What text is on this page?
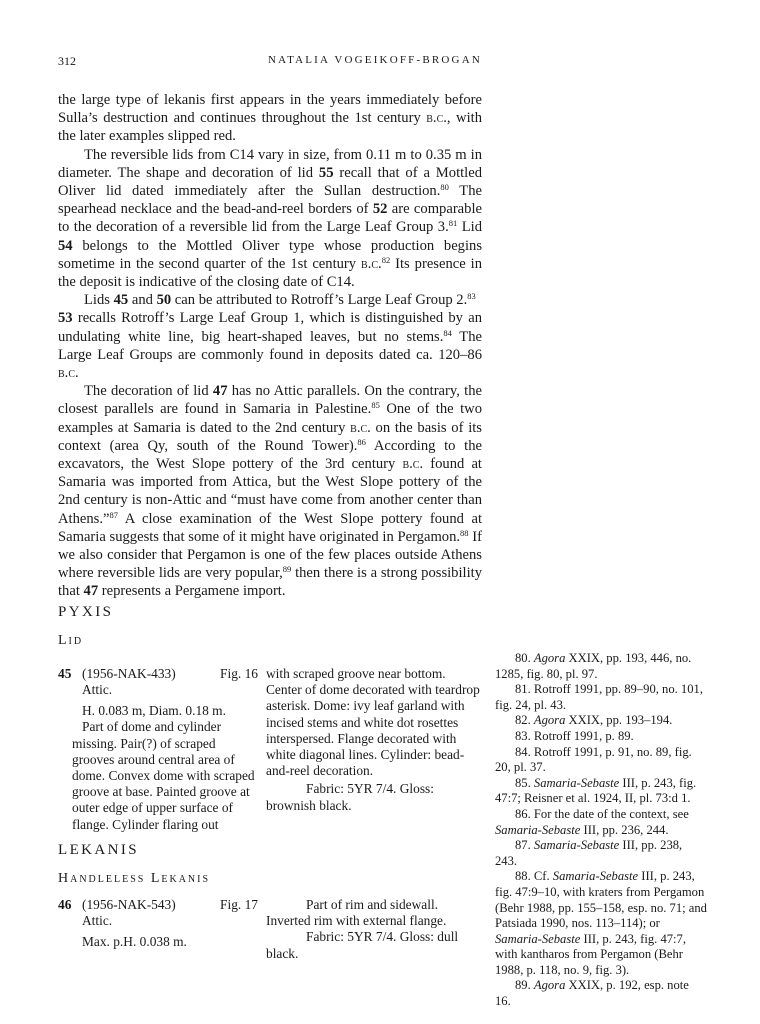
312	NATALIA VOGEIKOFF-BROGAN

the large type of lekanis first appears in the years immediately before Sulla’s destruction and continues throughout the 1st century b.c., with the later examples slipped red.

The reversible lids from C14 vary in size, from 0.11 m to 0.35 m in diameter. The shape and decoration of lid 55 recall that of a Mottled Oliver lid dated immediately after the Sullan destruction.$^{80}$ The spearhead necklace and the bead-and-reel borders of 52 are comparable to the decoration of a reversible lid from the Large Leaf Group 3.81 Lid 54 belongs to the Mottled Oliver type whose production begins sometime in the second quarter of the 1st century b.c.$^{82}$ Its presence in the deposit is indicative of the closing date of C14.

Lids 45 and 50 can be attributed to Rotroff’s Large Leaf Group 2.83
53 recalls Rotroff’s Large Leaf Group 1, which is distinguished by an undulating white line, big heart-shaped leaves, but no stems.$^{84}$ The Large Leaf Groups are commonly found in deposits dated ca. 120–86 b.c.

The decoration of lid 47 has no Attic parallels. On the contrary, the closest parallels are found in Samaria in Palestine.$^{85}$ One of the two examples at Samaria is dated to the 2nd century b.c. on the basis of its context (area Qy, south of the Round Tower).$^{86}$ According to the excavators, the West Slope pottery of the 3rd century b.c. found at Samaria was imported from Attica, but the West Slope pottery of the 2nd century is non-Attic and “must have come from another center than Athens.”$^{87}$ A close examination of the West Slope pottery found at Samaria suggests that some of it might have originated in Pergamon.$^{88}$ If we also consider that Pergamon is one of the few places outside Athens where reversible lids are very popular,$^{89}$ then there is a strong possibility that 47 represents a Pergamene import.

PYXIS
Lid
45 (1956-NAK-433)	Fig. 16

Attic.

H. 0.083 m, Diam. 0.18 m.

Part of dome and cylinder missing. Pair(?) of scraped grooves around central area of dome. Convex dome with scraped groove at base. Painted groove at outer edge of upper surface of flange. Cylinder flaring out

with scraped groove near bottom. Center of dome decorated with teardrop asterisk. Dome: ivy leaf garland with incised stems and white dot rosettes interspersed. Flange decorated with white diagonal lines. Cylinder: bead-and-reel decoration.

Fabric: 5YR 7/4. Gloss: brownish black.

LEKANIS
Handleless Lekanis
46 (1956-NAK-543)	Fig. 17

Attic.

Max. p.H. 0.038 m.

Part of rim and sidewall. Inverted rim with external flange.

Fabric: 5YR 7/4. Gloss: dull black.

80. Agora XXIX, pp. 193, 446, no. 1285, fig. 80, pl. 97.

81. Rotroff 1991, pp. 89–90, no. 101, fig. 24, pl. 43.

82. Agora XXIX, pp. 193–194.

83. Rotroff 1991, p. 89.

84. Rotroff 1991, p. 91, no. 89, fig. 20, pl. 37.

85. Samaria-Sebaste III, p. 243, fig. 47:7; Reisner et al. 1924, II, pl. 73:d 1.

86. For the date of the context, see Samaria-Sebaste III, pp. 236, 244.

87. Samaria-Sebaste III, pp. 238, 243.

88. Cf. Samaria-Sebaste III, p. 243, fig. 47:9–10, with kraters from Pergamon (Behr 1988, pp. 155–158, esp. no. 71; and Patsiada 1990, nos. 113–114); or Samaria-Sebaste III, p. 243, fig. 47:7, with kantharos from Pergamon (Behr 1988, p. 118, no. 9, fig. 3).

89. Agora XXIX, p. 192, esp. note 16.
